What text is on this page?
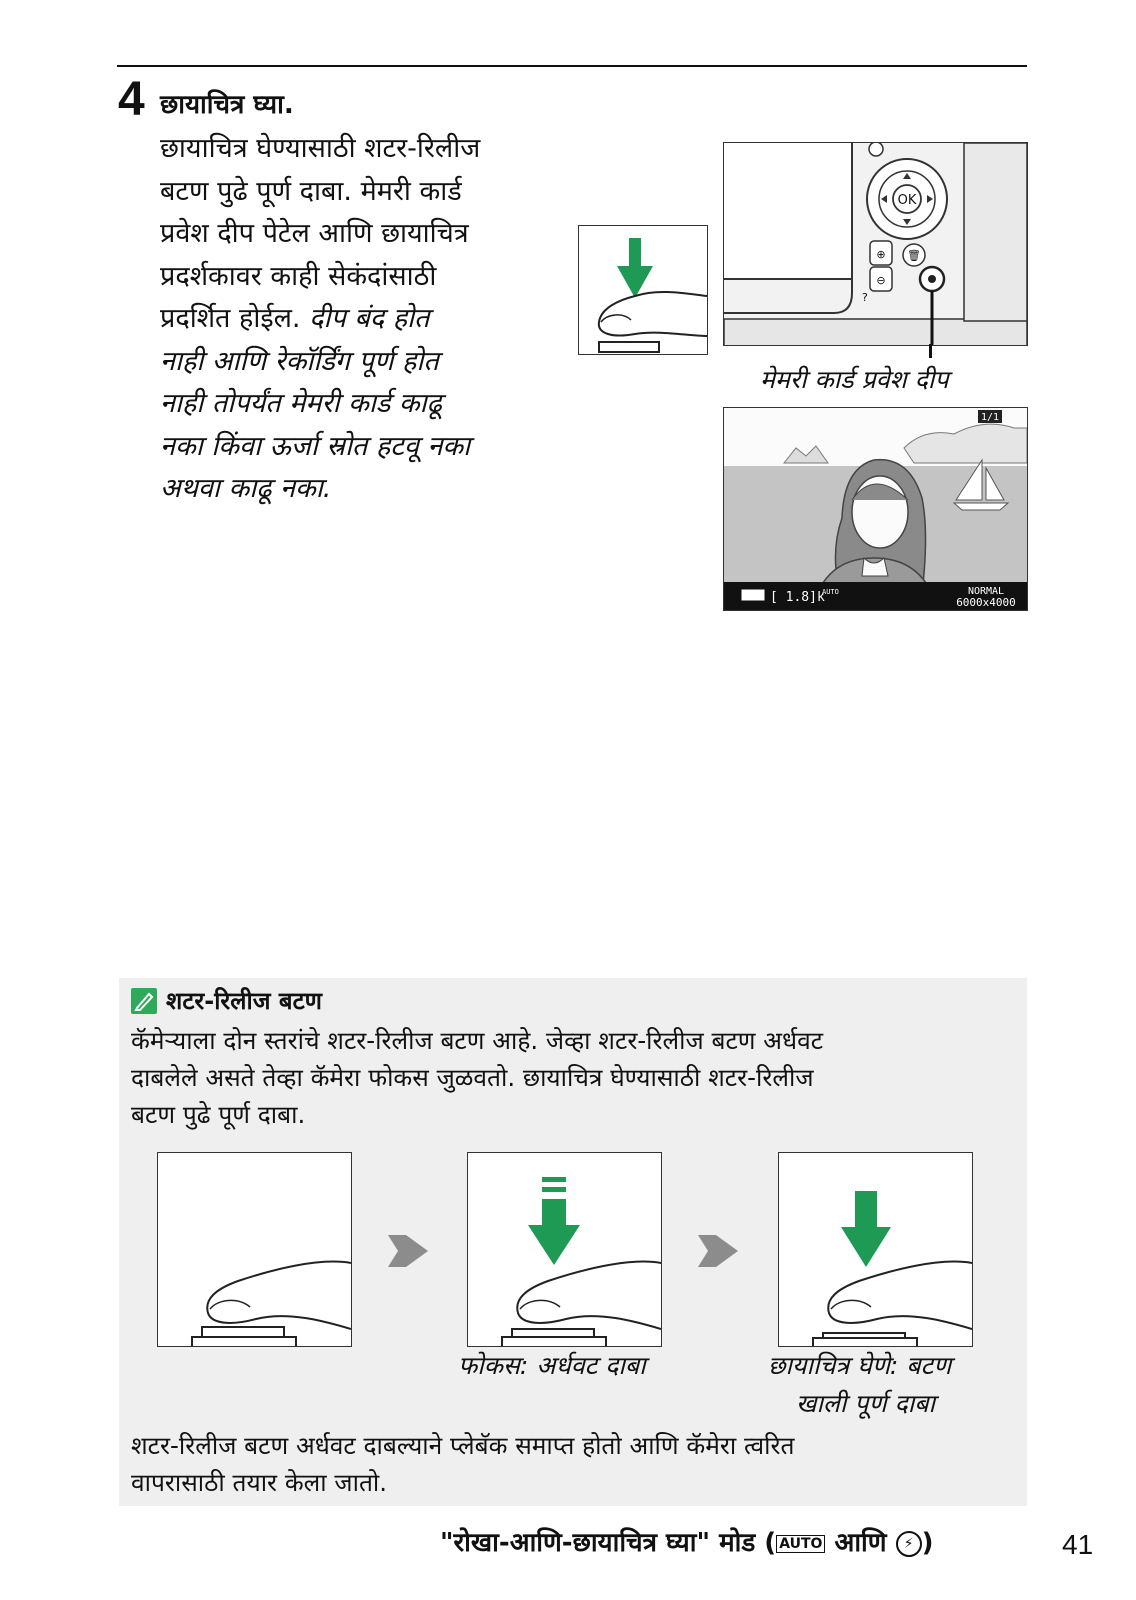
4 छायाचित्र घ्या.
छायाचित्र घेण्यासाठी शटर-रिलीज
बटण पुढे पूर्ण दाबा. मेमरी कार्ड
प्रवेश दीप पेटेल आणि छायाचित्र
प्रदर्शकावर काही सेकंदांसाठी
प्रदर्शित होईल. दीप बंद होत
नाही आणि रेकॉर्डिंग पूर्ण होत
नाही तोपर्यंत मेमरी कार्ड काढू
नका किंवा ऊर्जा स्रोत हटवू नका
अथवा काढू नका.
OK
⊕
⊖
?
🗑
मेमरी कार्ड प्रवेश दीप
1/1
[ 1.8]k
AUTO	NORMAL
6000x4000
शटर-रिलीज बटण
कॅमेऱ्याला दोन स्तरांचे शटर-रिलीज बटण आहे. जेव्हा शटर-रिलीज बटण अर्धवट
दाबलेले असते तेव्हा कॅमेरा फोकस जुळवतो. छायाचित्र घेण्यासाठी शटर-रिलीज
बटण पुढे पूर्ण दाबा.
फोकस: अर्धवट दाबा	छायाचित्र घेणे: बटण
खाली पूर्ण दाबा
शटर-रिलीज बटण अर्धवट दाबल्याने प्लेबॅक समाप्त होतो आणि कॅमेरा त्वरित
वापरासाठी तयार केला जातो.
"रोखा-आणि-छायाचित्र घ्या" मोड ( AUTO आणि ⚡ )	41
